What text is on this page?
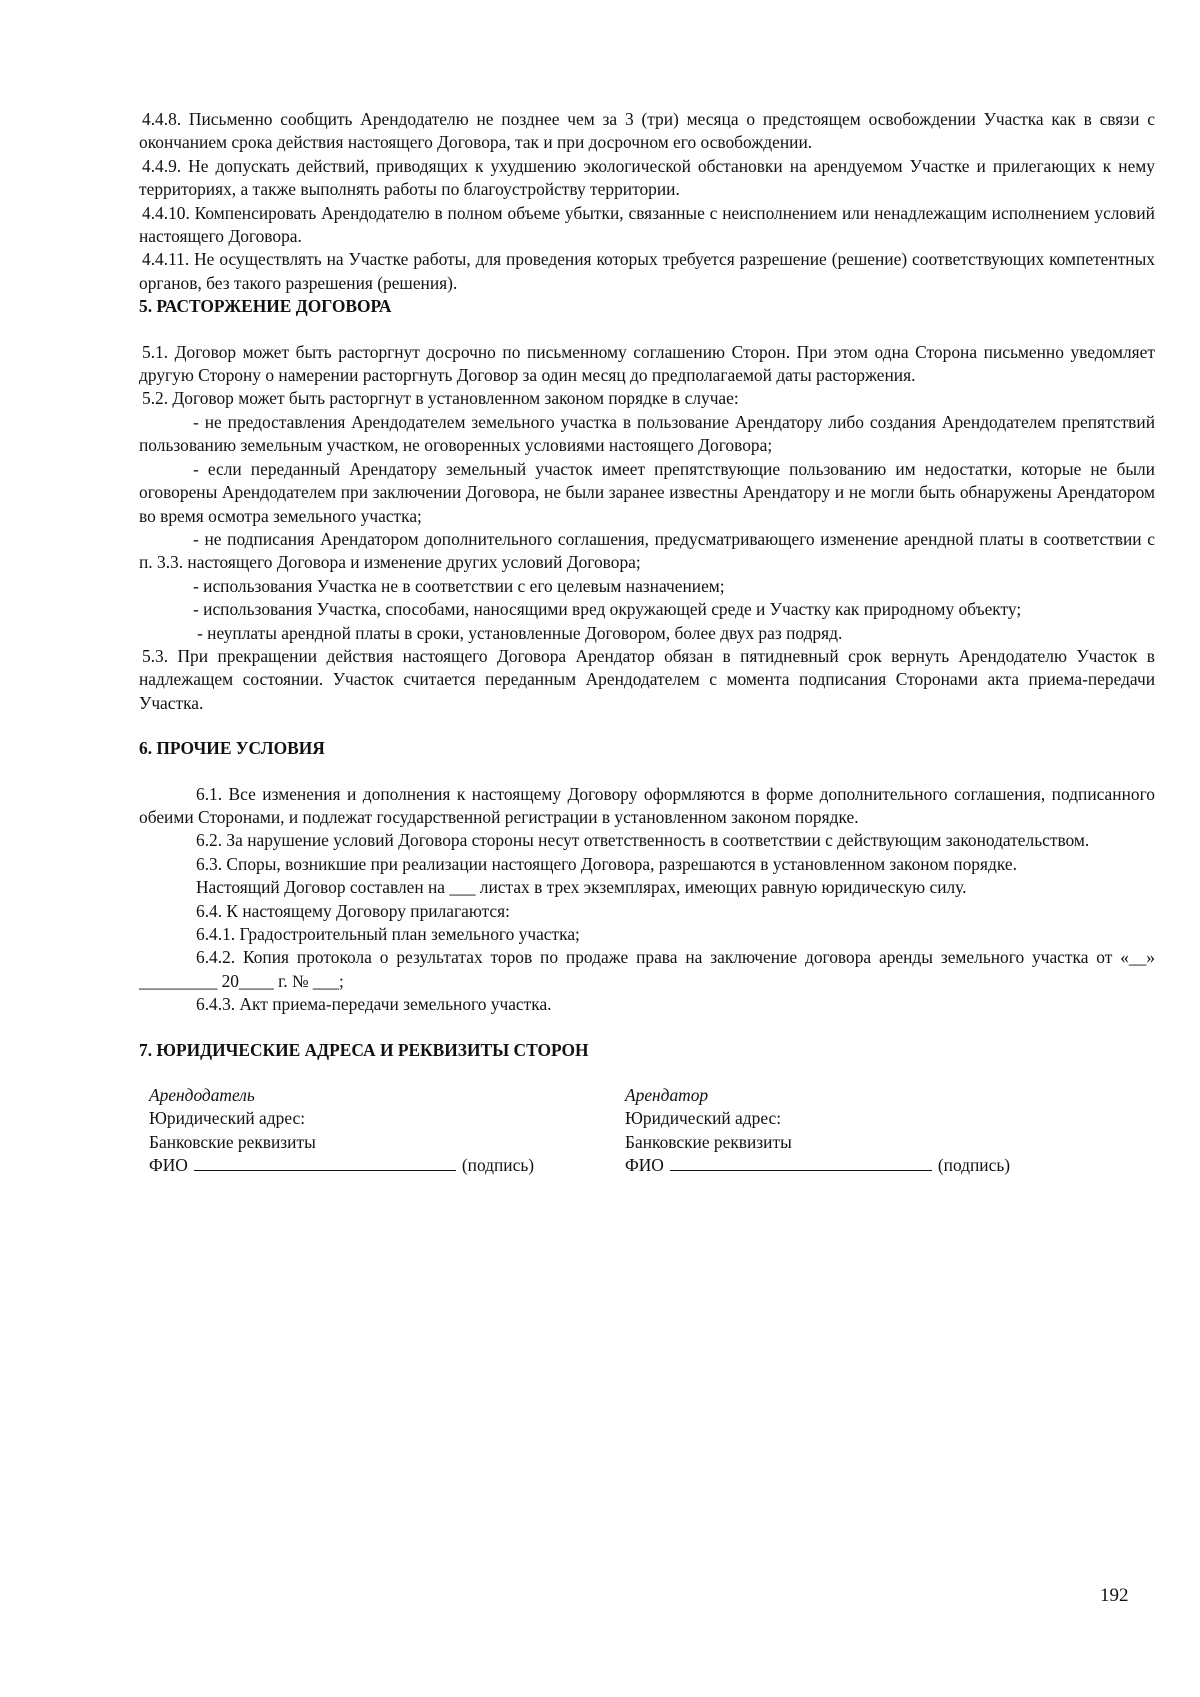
4.4.8. Письменно сообщить Арендодателю не позднее чем за 3 (три) месяца о предстоящем освобождении Участка как в связи с окончанием срока действия настоящего Договора, так и при досрочном его освобождении.

4.4.9. Не допускать действий, приводящих к ухудшению экологической обстановки на арендуемом Участке и прилегающих к нему территориях, а также выполнять работы по благоустройству территории.

4.4.10. Компенсировать Арендодателю в полном объеме убытки, связанные с неисполнением или ненадлежащим исполнением условий настоящего Договора.

4.4.11. Не осуществлять на Участке работы, для проведения которых требуется разрешение (решение) соответствующих компетентных органов, без такого разрешения (решения).

5. РАСТОРЖЕНИЕ ДОГОВОРА

5.1. Договор может быть расторгнут досрочно по письменному соглашению Сторон. При этом одна Сторона письменно уведомляет другую Сторону о намерении расторгнуть Договор за один месяц до предполагаемой даты расторжения.

5.2. Договор может быть расторгнут в установленном законом порядке в случае:

- не предоставления Арендодателем земельного участка в пользование Арендатору либо создания Арендодателем препятствий пользованию земельным участком, не оговоренных условиями настоящего Договора;

- если переданный Арендатору земельный участок имеет препятствующие пользованию им недостатки, которые не были оговорены Арендодателем при заключении Договора, не были заранее известны Арендатору и не могли быть обнаружены Арендатором во время осмотра земельного участка;

- не подписания Арендатором дополнительного соглашения, предусматривающего изменение арендной платы в соответствии с п. 3.3. настоящего Договора и изменение других условий Договора;

- использования Участка не в соответствии с его целевым назначением;

- использования Участка, способами, наносящими вред окружающей среде и Участку как природному объекту;

- неуплаты арендной платы в сроки, установленные Договором, более двух раз подряд.

5.3. При прекращении действия настоящего Договора Арендатор обязан в пятидневный срок вернуть Арендодателю Участок в надлежащем состоянии. Участок считается переданным Арендодателем с момента подписания Сторонами акта приема-передачи Участка.

6. ПРОЧИЕ УСЛОВИЯ

6.1. Все изменения и дополнения к настоящему Договору оформляются в форме дополнительного соглашения, подписанного обеими Сторонами, и подлежат государственной регистрации в установленном законом порядке.

6.2. За нарушение условий Договора стороны несут ответственность в соответствии с действующим законодательством.

6.3. Споры, возникшие при реализации настоящего Договора, разрешаются в установленном законом порядке.

Настоящий Договор составлен на ___ листах в трех экземплярах, имеющих равную юридическую силу.

6.4. К настоящему Договору прилагаются:

6.4.1. Градостроительный план земельного участка;

6.4.2. Копия протокола о результатах торов по продаже права на заключение договора аренды земельного участка от «__» _________ 20____ г. № ___;

6.4.3. Акт приема-передачи земельного участка.

7. ЮРИДИЧЕСКИЕ АДРЕСА И РЕКВИЗИТЫ СТОРОН

Арендодатель
Юридический адрес:
Банковские реквизиты
ФИО	(подпись)
Арендатор
Юридический адрес:
Банковские реквизиты
ФИО	(подпись)
192
